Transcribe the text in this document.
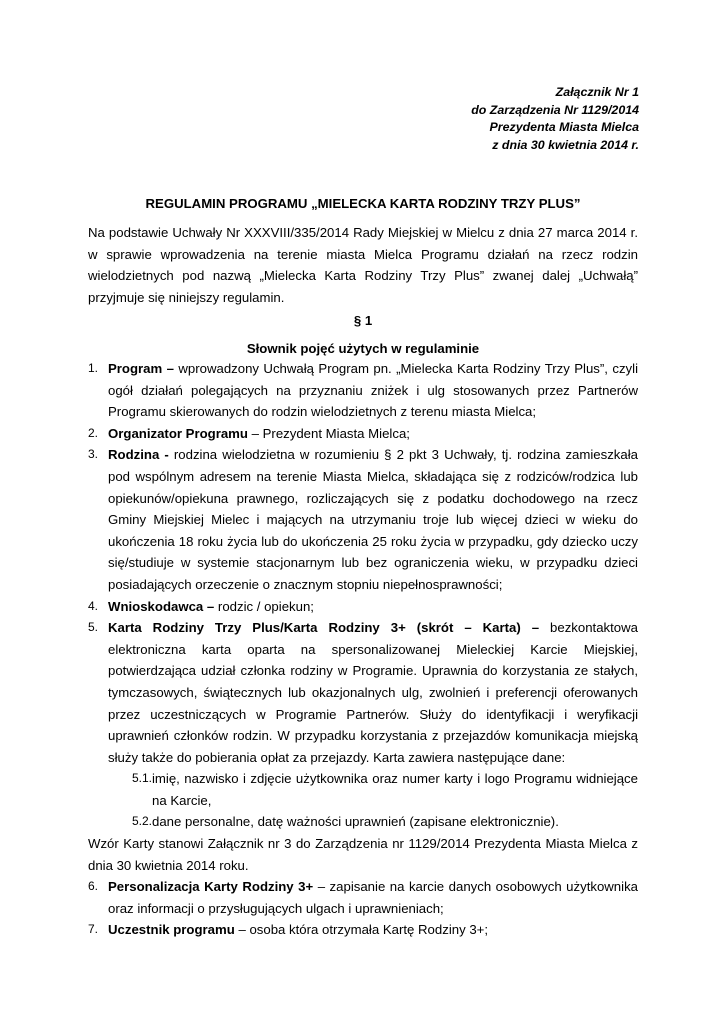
Załącznik Nr 1
do Zarządzenia Nr 1129/2014
Prezydenta Miasta Mielca
z dnia 30 kwietnia 2014 r.
REGULAMIN PROGRAMU „MIELECKA KARTA RODZINY TRZY PLUS”
Na podstawie Uchwały Nr XXXVIII/335/2014 Rady Miejskiej w Mielcu z dnia 27 marca 2014 r. w sprawie wprowadzenia na terenie miasta Mielca Programu działań na rzecz rodzin wielodzietnych pod nazwą „Mielecka Karta Rodziny Trzy Plus” zwanej dalej „Uchwałą” przyjmuje się niniejszy regulamin.
§ 1
Słownik pojęć użytych w regulaminie
1. Program – wprowadzony Uchwałą Program pn. „Mielecka Karta Rodziny Trzy Plus”, czyli ogół działań polegających na przyznaniu zniżek i ulg stosowanych przez Partnerów Programu skierowanych do rodzin wielodzietnych z terenu miasta Mielca;
2. Organizator Programu – Prezydent Miasta Mielca;
3. Rodzina - rodzina wielodzietna w rozumieniu § 2 pkt 3 Uchwały, tj. rodzina zamieszkała pod wspólnym adresem na terenie Miasta Mielca, składająca się z rodziców/rodzica lub opiekunów/opiekuna prawnego, rozliczających się z podatku dochodowego na rzecz Gminy Miejskiej Mielec i mających na utrzymaniu troje lub więcej dzieci w wieku do ukończenia 18 roku życia lub do ukończenia 25 roku życia w przypadku, gdy dziecko uczy się/studiuje w systemie stacjonarnym lub bez ograniczenia wieku, w przypadku dzieci posiadających orzeczenie o znacznym stopniu niepełnosprawności;
4. Wnioskodawca – rodzic / opiekun;
5. Karta Rodziny Trzy Plus/Karta Rodziny 3+ (skrót – Karta) – bezkontaktowa elektroniczna karta oparta na spersonalizowanej Mieleckiej Karcie Miejskiej, potwierdzająca udział członka rodziny w Programie. Uprawnia do korzystania ze stałych, tymczasowych, świątecznych lub okazjonalnych ulg, zwolnień i preferencji oferowanych przez uczestniczących w Programie Partnerów. Służy do identyfikacji i weryfikacji uprawnień członków rodzin. W przypadku korzystania z przejazdów komunikacja miejską służy także do pobierania opłat za przejazdy. Karta zawiera następujące dane:
5.1. imię, nazwisko i zdjęcie użytkownika oraz numer karty i logo Programu widniejące na Karcie,
5.2. dane personalne, datę ważności uprawnień (zapisane elektronicznie).
Wzór Karty stanowi Załącznik nr 3 do Zarządzenia nr 1129/2014 Prezydenta Miasta Mielca z dnia 30 kwietnia 2014 roku.
6. Personalizacja Karty Rodziny 3+ – zapisanie na karcie danych osobowych użytkownika oraz informacji o przysługujących ulgach i uprawnieniach;
7. Uczestnik programu – osoba która otrzymała Kartę Rodziny 3+;
